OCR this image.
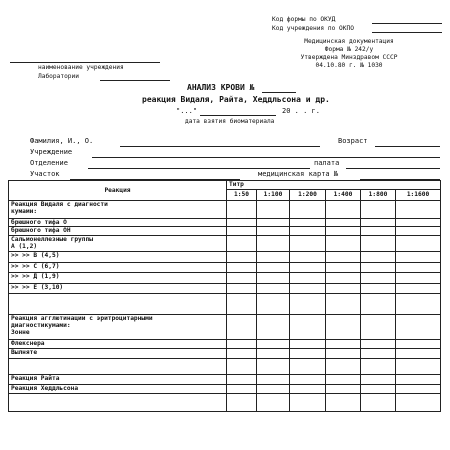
Код формы по ОКУД
Код учреждения по ОКПО
Медицинская документация
Форма № 242/у
Утверждена Минздравом СССР
04.10.80 г. № 1030
наименование учреждения
Лаборатории
АНАЛИЗ КРОВИ №
реакция Видаля, Райта, Хеддльсона и др.
"..."	20 . . г.
дата взятия биоматериала
Фамилия, И., О.	Возраст
Учреждение
Отделение	палата
Участок	медицинская карта №
Реакция	Титр					
	1:50	1:100	1:200	1:400	1:800	1:1600

Реакция Видаля с диагности
кумами:						

брюшного тифа О						

брюшного тифа ОН						

Сальмонеллезные группы
А (1,2)						

>> >> В (4,5)						

>> >> С (6,7)						

>> >> Д (1,9)						

>> >> Е (3,10)						

Реакция агглютинации с эритроцитарными
диагностикумами:
Зонне						

Флекснера						

Вылняте						

Реакция Райта						

Реакция Хеддльсона						
